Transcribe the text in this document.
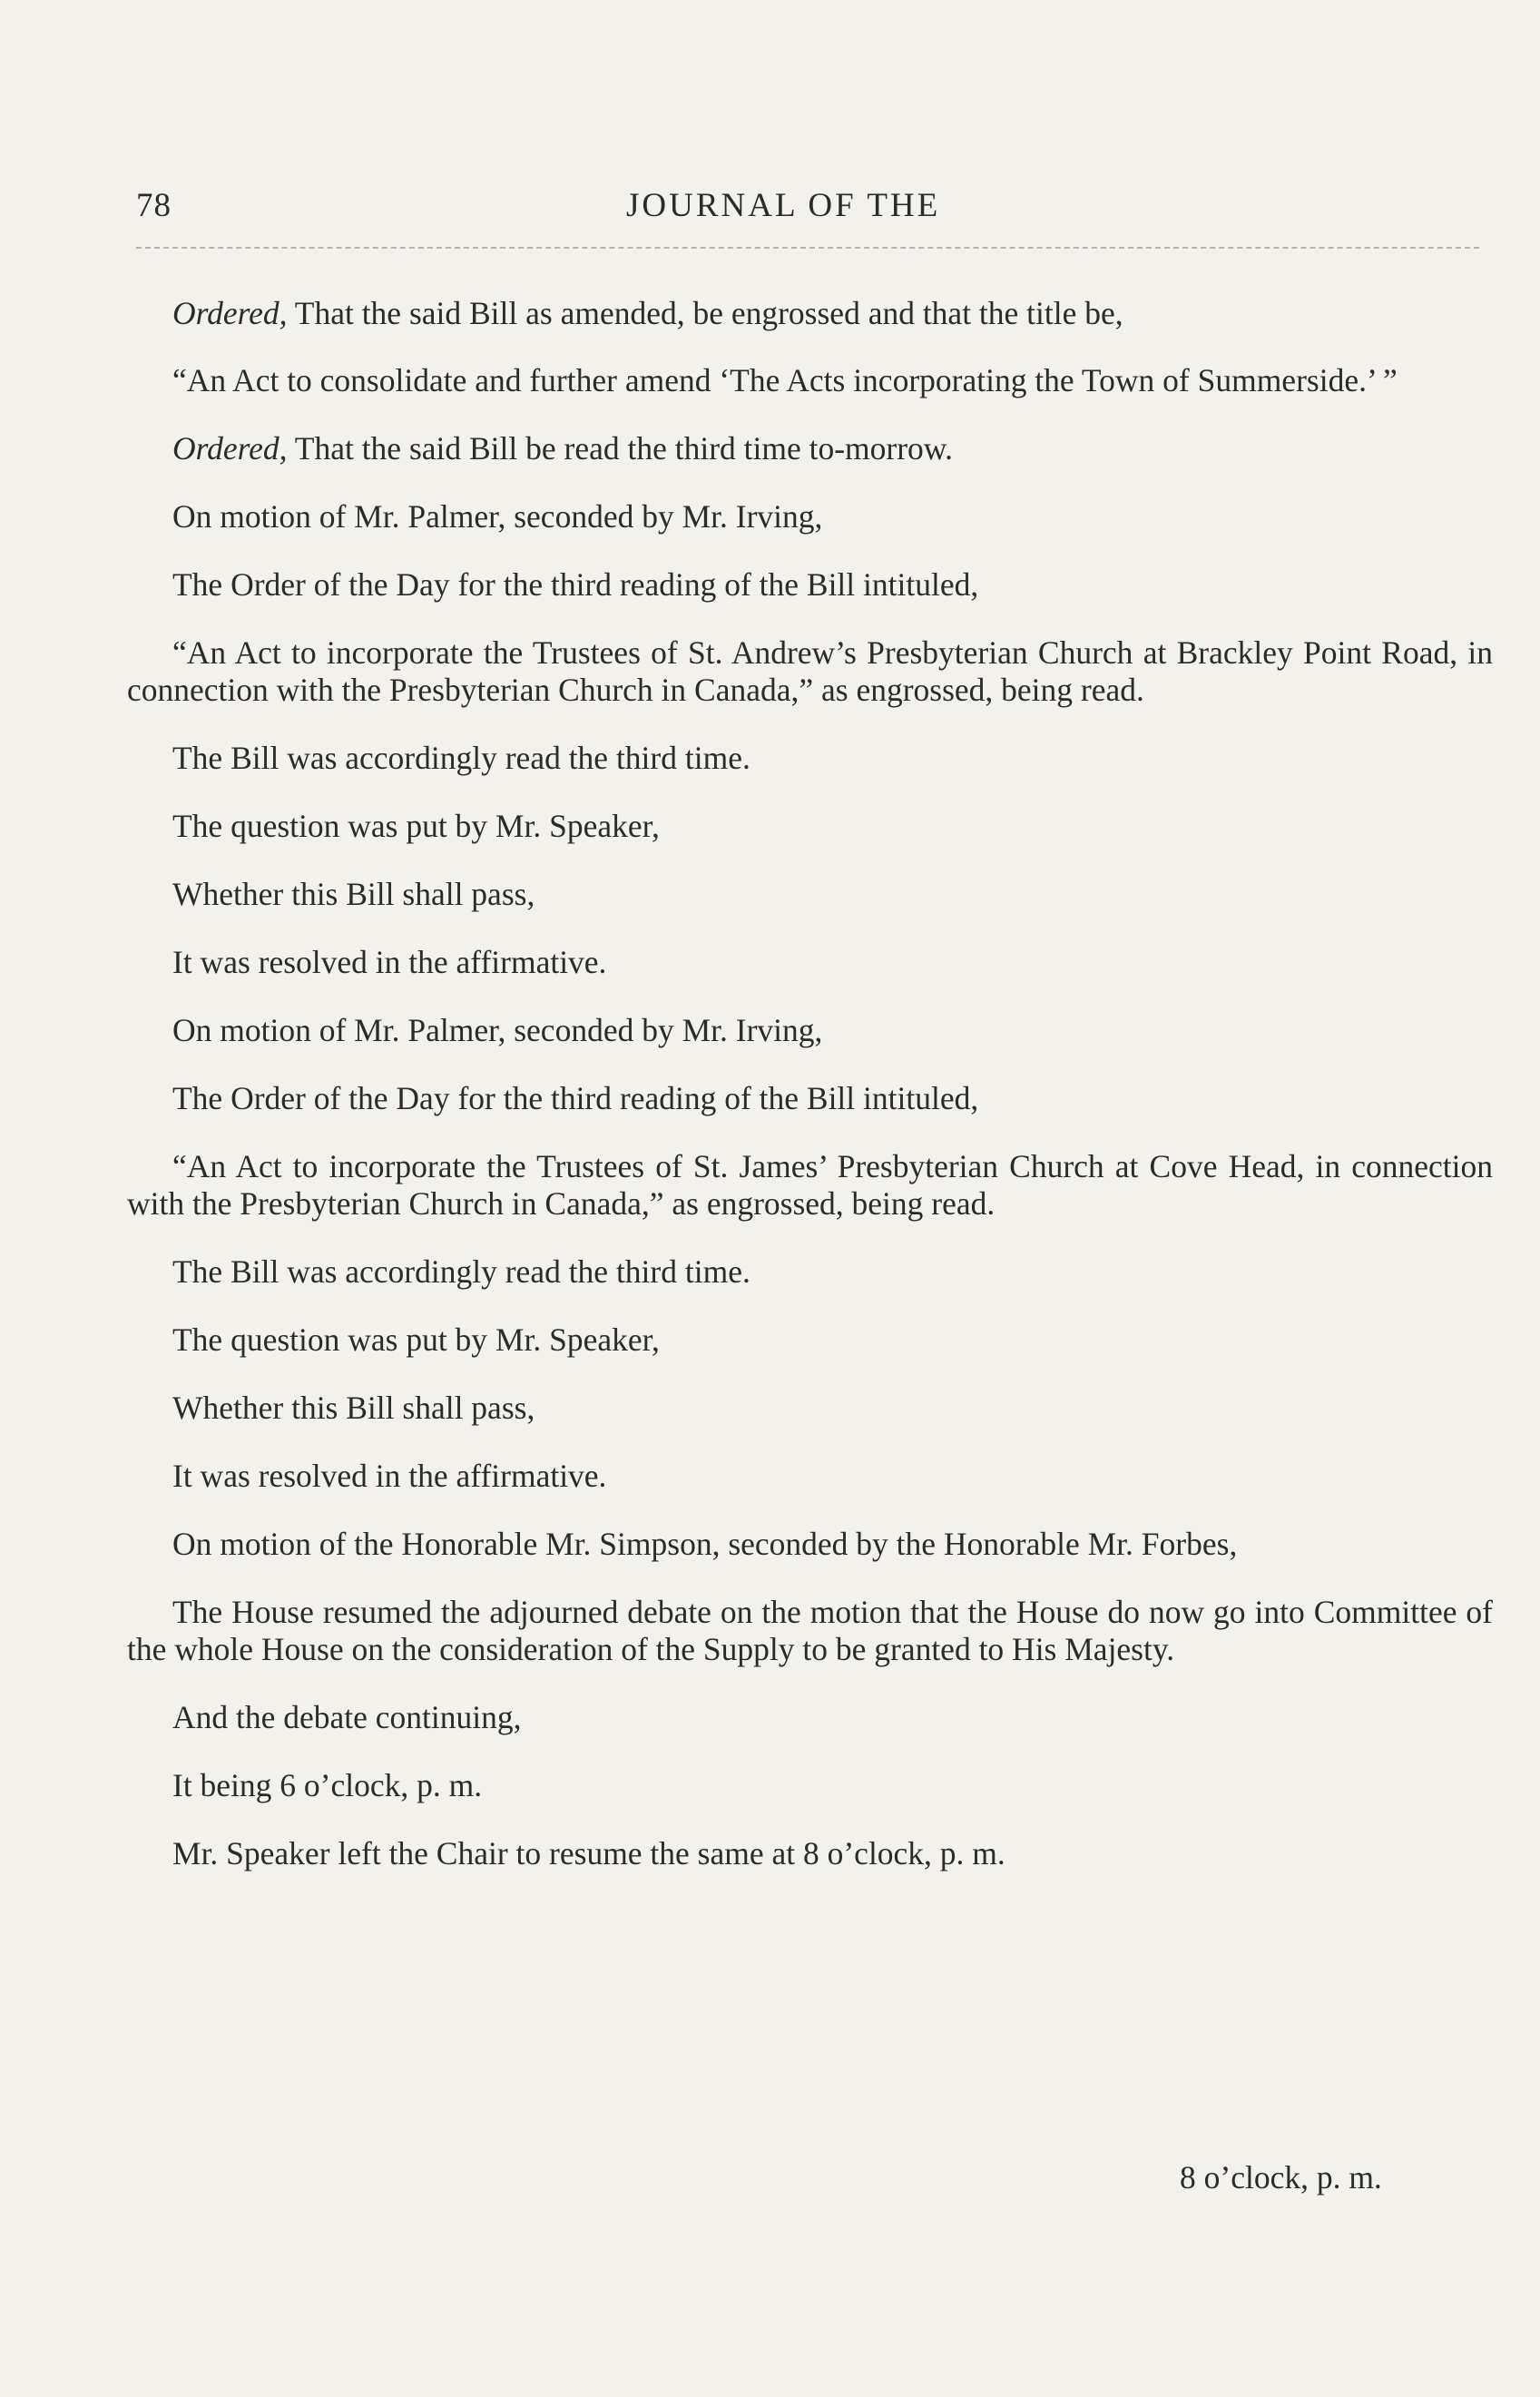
78	JOURNAL OF THE

Ordered, That the said Bill as amended, be engrossed and that the title be,

“An Act to consolidate and further amend ‘The Acts incorporating the Town of Summerside.’ ”

Ordered, That the said Bill be read the third time to-morrow.

On motion of Mr. Palmer, seconded by Mr. Irving,

The Order of the Day for the third reading of the Bill intituled,

“An Act to incorporate the Trustees of St. Andrew’s Presbyterian Church at Brackley Point Road, in connection with the Presbyterian Church in Canada,” as engrossed, being read.

The Bill was accordingly read the third time.

The question was put by Mr. Speaker,

Whether this Bill shall pass,

It was resolved in the affirmative.

On motion of Mr. Palmer, seconded by Mr. Irving,

The Order of the Day for the third reading of the Bill intituled,

“An Act to incorporate the Trustees of St. James’ Presbyterian Church at Cove Head, in connection with the Presbyterian Church in Canada,” as engrossed, being read.

The Bill was accordingly read the third time.

The question was put by Mr. Speaker,

Whether this Bill shall pass,

It was resolved in the affirmative.

On motion of the Honorable Mr. Simpson, seconded by the Honorable Mr. Forbes,

The House resumed the adjourned debate on the motion that the House do now go into Committee of the whole House on the consideration of the Supply to be granted to His Majesty.

And the debate continuing,

It being 6 o’clock, p. m.

Mr. Speaker left the Chair to resume the same at 8 o’clock, p. m.

8 o’clock, p. m.
